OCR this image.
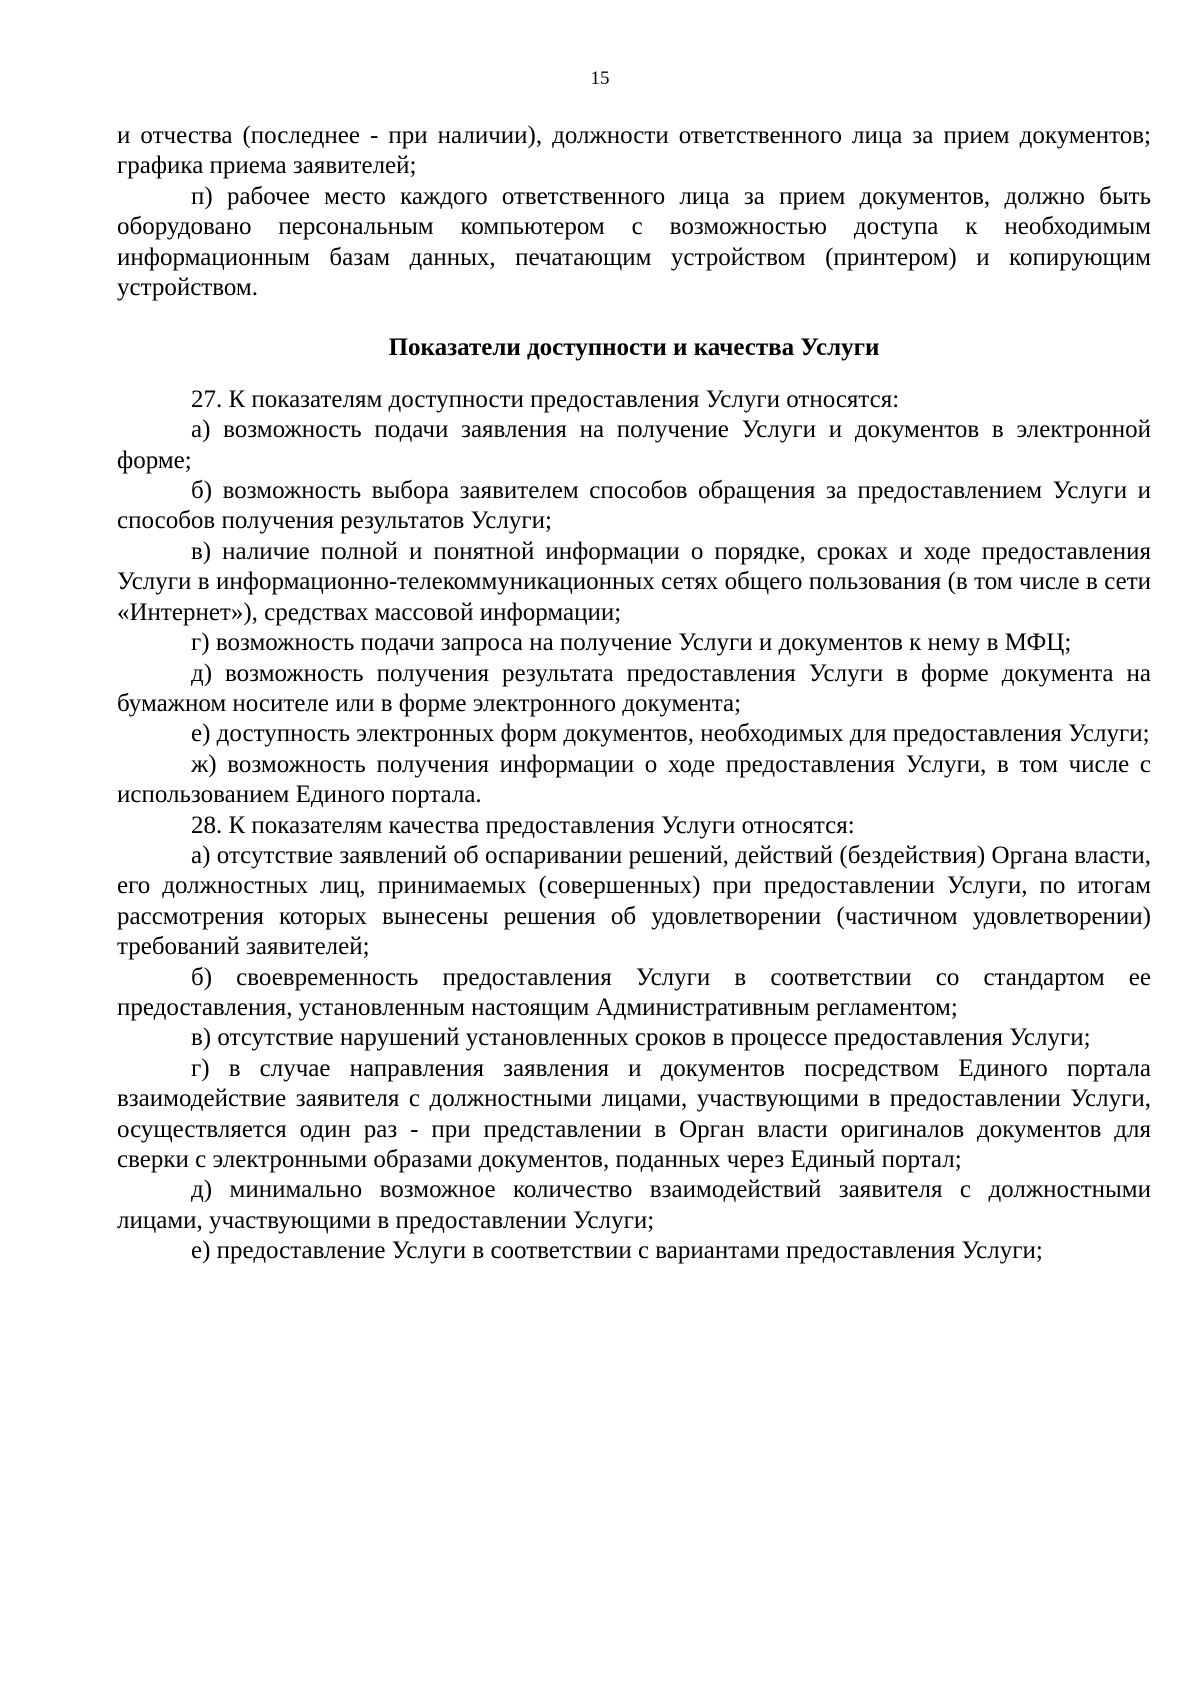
15

и отчества (последнее - при наличии), должности ответственного лица за прием документов; графика приема заявителей;

п) рабочее место каждого ответственного лица за прием документов, должно быть оборудовано персональным компьютером с возможностью доступа к необходимым информационным базам данных, печатающим устройством (принтером) и копирующим устройством.

Показатели доступности и качества Услуги

27. К показателям доступности предоставления Услуги относятся:

а) возможность подачи заявления на получение Услуги и документов в электронной форме;

б) возможность выбора заявителем способов обращения за предоставлением Услуги и способов получения результатов Услуги;

в) наличие полной и понятной информации о порядке, сроках и ходе предоставления Услуги в информационно-телекоммуникационных сетях общего пользования (в том числе в сети «Интернет»), средствах массовой информации;

г) возможность подачи запроса на получение Услуги и документов к нему в МФЦ;

д) возможность получения результата предоставления Услуги в форме документа на бумажном носителе или в форме электронного документа;

е) доступность электронных форм документов, необходимых для предоставления Услуги;

ж) возможность получения информации о ходе предоставления Услуги, в том числе с использованием Единого портала.

28. К показателям качества предоставления Услуги относятся:

а) отсутствие заявлений об оспаривании решений, действий (бездействия) Органа власти, его должностных лиц, принимаемых (совершенных) при предоставлении Услуги, по итогам рассмотрения которых вынесены решения об удовлетворении (частичном удовлетворении) требований заявителей;

б) своевременность предоставления Услуги в соответствии со стандартом ее предоставления, установленным настоящим Административным регламентом;

в) отсутствие нарушений установленных сроков в процессе предоставления Услуги;

г) в случае направления заявления и документов посредством Единого портала взаимодействие заявителя с должностными лицами, участвующими в предоставлении Услуги, осуществляется один раз - при представлении в Орган власти оригиналов документов для сверки с электронными образами документов, поданных через Единый портал;

д) минимально возможное количество взаимодействий заявителя с должностными лицами, участвующими в предоставлении Услуги;

е) предоставление Услуги в соответствии с вариантами предоставления Услуги;
